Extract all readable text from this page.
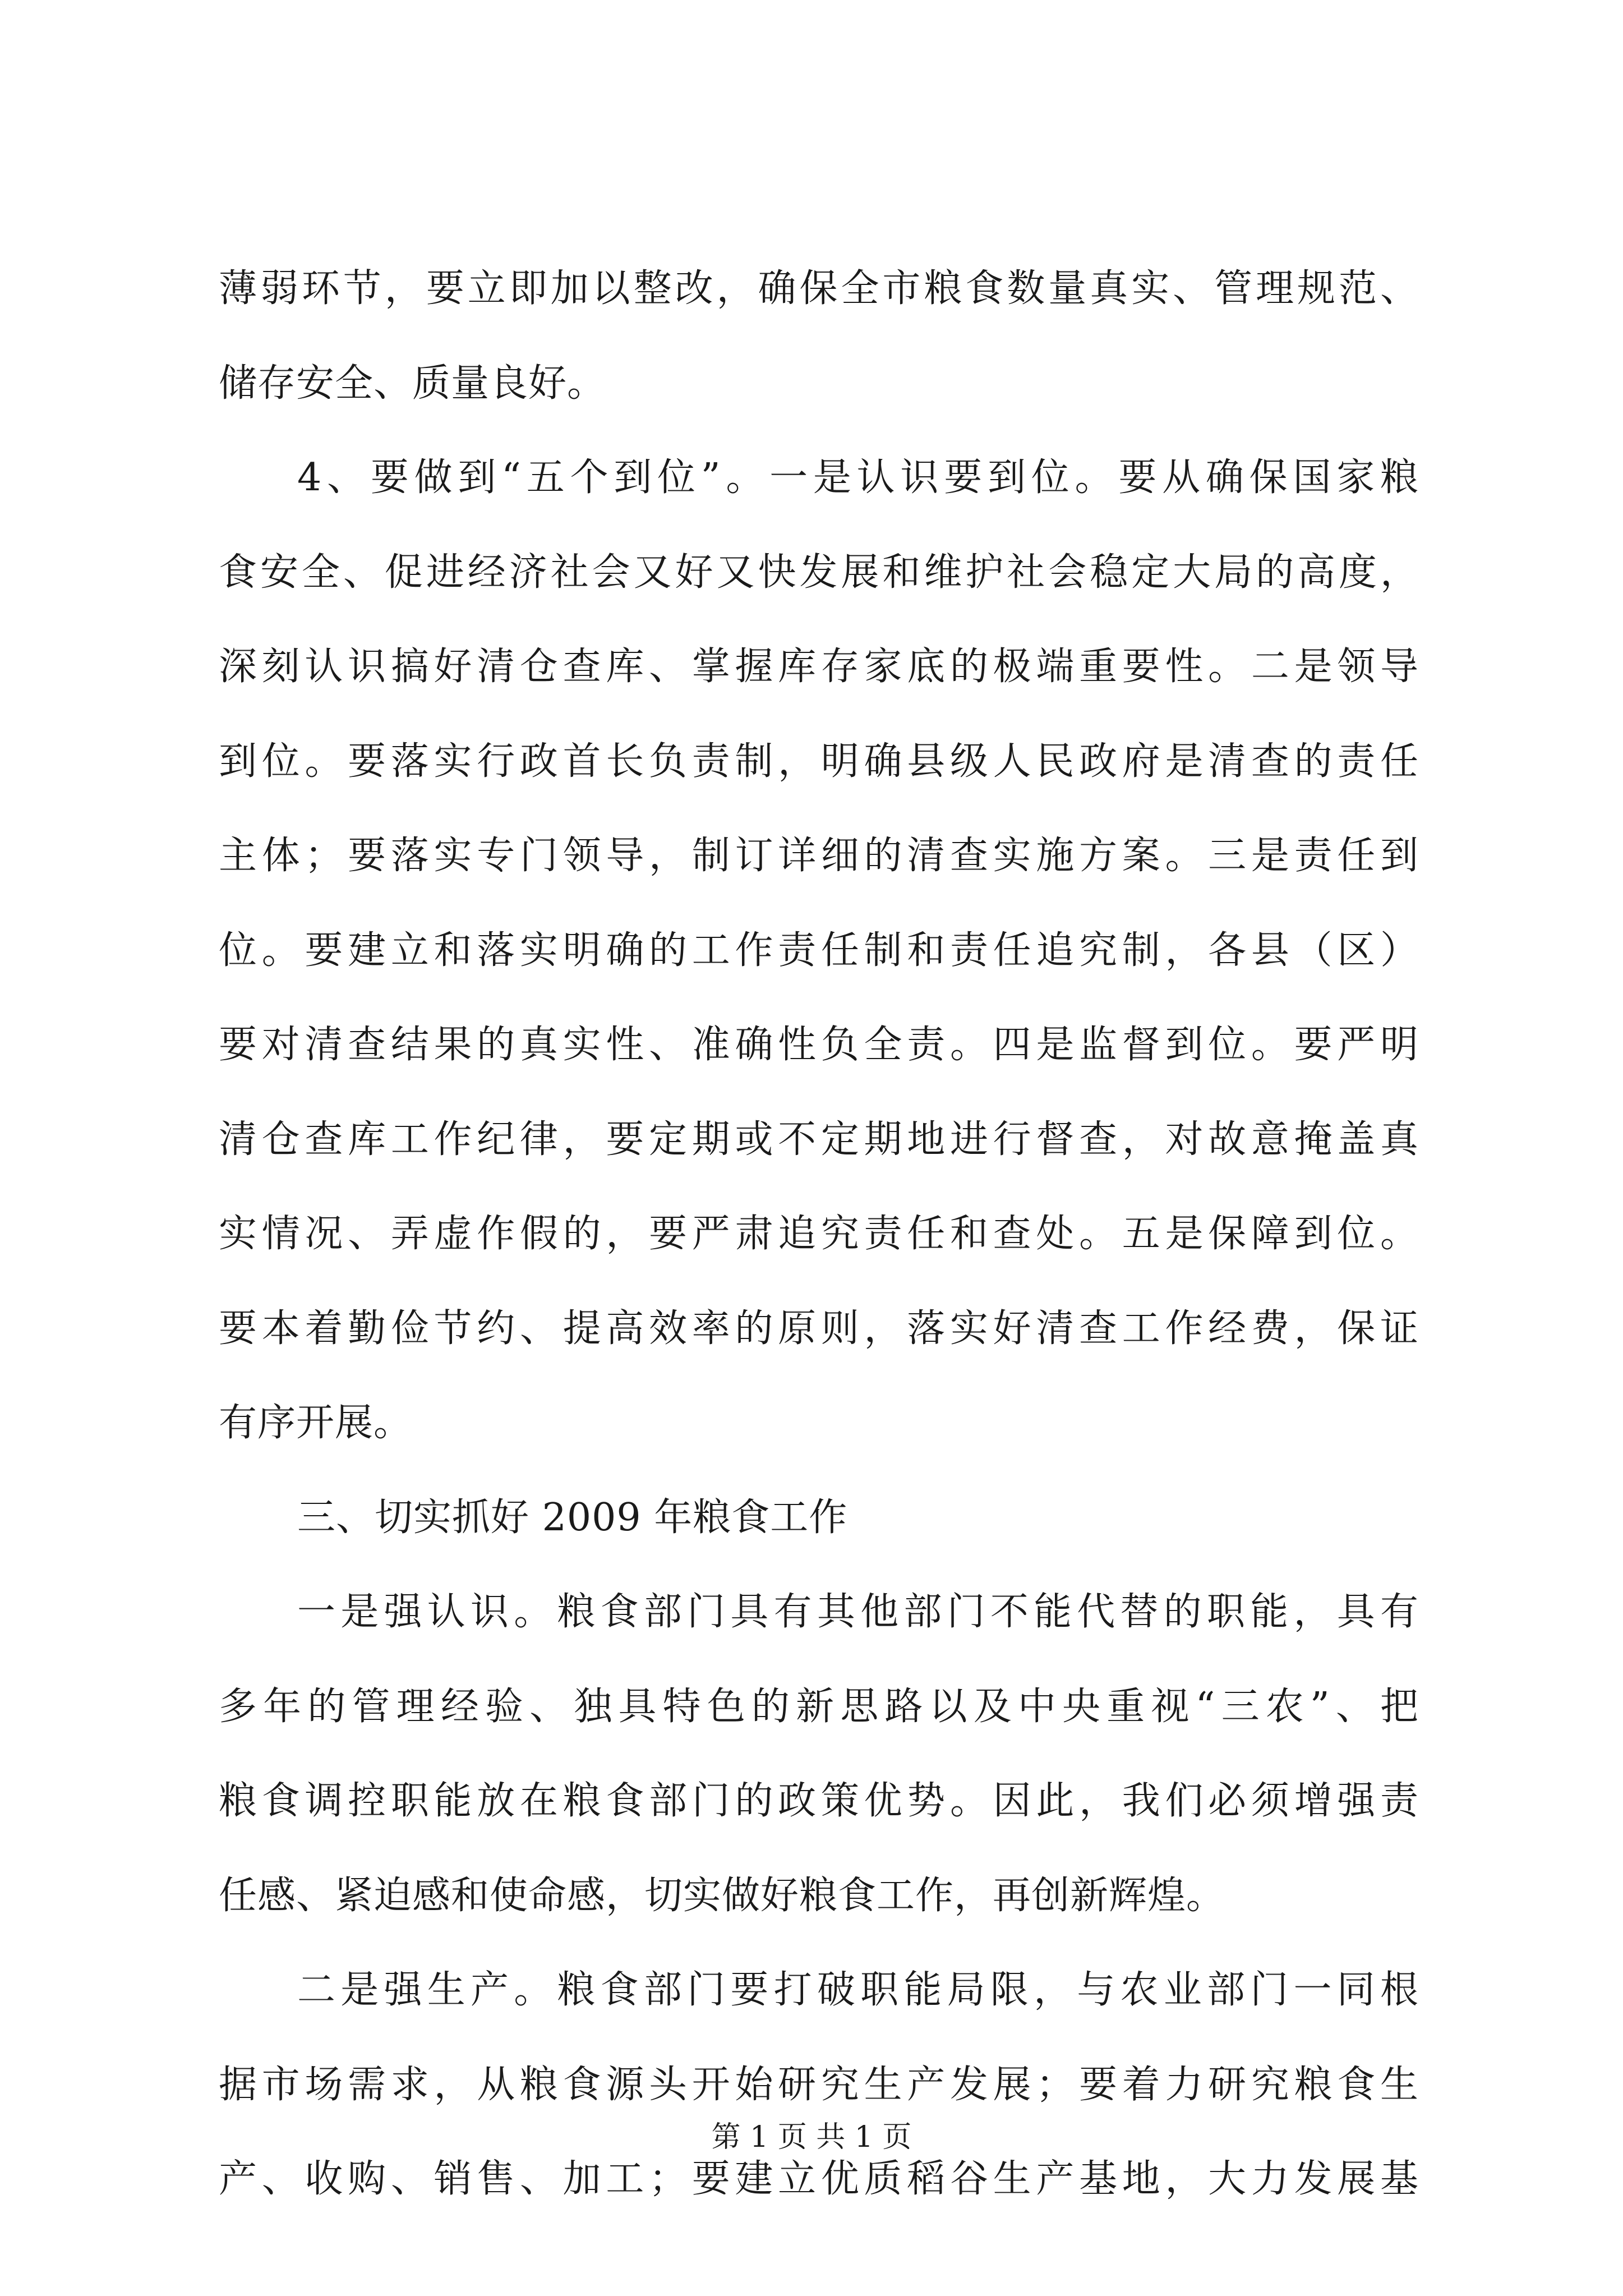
薄弱环节，要立即加以整改，确保全市粮食数量真实、管理规范、
储存安全、质量良好。
4、要做到“五个到位”。一是认识要到位。要从确保国家粮
食安全、促进经济社会又好又快发展和维护社会稳定大局的高度，
深刻认识搞好清仓查库、掌握库存家底的极端重要性。二是领导
到位。要落实行政首长负责制，明确县级人民政府是清查的责任
主体；要落实专门领导，制订详细的清查实施方案。三是责任到
位。要建立和落实明确的工作责任制和责任追究制，各县（区）
要对清查结果的真实性、准确性负全责。四是监督到位。要严明
清仓查库工作纪律，要定期或不定期地进行督查，对故意掩盖真
实情况、弄虚作假的，要严肃追究责任和查处。五是保障到位。
要本着勤俭节约、提高效率的原则，落实好清查工作经费，保证
有序开展。
三、切实抓好 2009 年粮食工作
一是强认识。粮食部门具有其他部门不能代替的职能，具有
多年的管理经验、独具特色的新思路以及中央重视“三农”、把
粮食调控职能放在粮食部门的政策优势。因此，我们必须增强责
任感、紧迫感和使命感，切实做好粮食工作，再创新辉煌。
二是强生产。粮食部门要打破职能局限，与农业部门一同根
据市场需求，从粮食源头开始研究生产发展；要着力研究粮食生
产、收购、销售、加工；要建立优质稻谷生产基地，大力发展基
第 1 页 共 1 页
